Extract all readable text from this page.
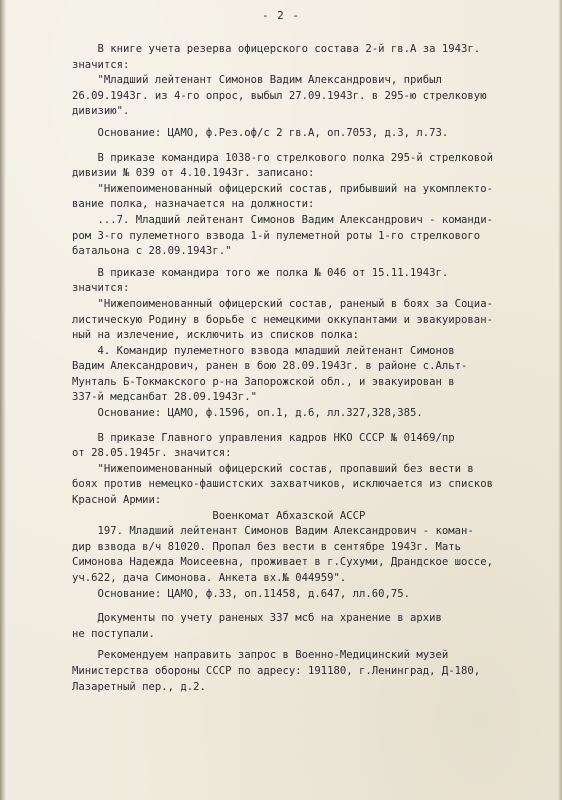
- 2 -
В книге учета резерва офицерского состава 2-й гв.А за 1943г.
значится:
"Младший лейтенант Симонов Вадим Александрович, прибыл
26.09.1943г. из 4-го опрос, выбыл 27.09.1943г. в 295-ю стрелковую
дивизию".
Основание: ЦАМО, ф.Рез.оф/с 2 гв.А, оп.7053, д.3, л.73.
В приказе командира 1038-го стрелкового полка 295-й стрелковой
дивизии № 039 от 4.10.1943г. записано:
"Нижепоименованный офицерский состав, прибывший на укомплекто-
вание полка, назначается на должности:
...7. Младший лейтенант Симонов Вадим Александрович - команди-
ром 3-го пулеметного взвода 1-й пулеметной роты 1-го стрелкового
батальона с 28.09.1943г."
В приказе командира того же полка № 046 от 15.11.1943г.
значится:
"Нижепоименованный офицерский состав, раненый в боях за Социа-
листическую Родину в борьбе с немецкими оккупантами и эвакуирован-
ный на излечение, исключить из списков полка:
4. Командир пулеметного взвода младший лейтенант Симонов
Вадим Александрович, ранен в бою 28.09.1943г. в районе с.Альт-
Мунталь Б-Токмакского р-на Запорожской обл., и эвакуирован в
337-й медсанбат 28.09.1943г."
Основание: ЦАМО, ф.1596, оп.1, д.6, лл.327,328,385.
В приказе Главного управления кадров НКО СССР № 01469/пр
от 28.05.1945г. значится:
"Нижепоименованный офицерский состав, пропавший без вести в
боях против немецко-фашистских захватчиков, исключается из списков
Красной Армии:
Военкомат Абхазской АССР
197. Младший лейтенант Симонов Вадим Александрович - коман-
дир взвода в/ч 81020. Пропал без вести в сентябре 1943г. Мать
Симонова Надежда Моисеевна, проживает в г.Сухуми, Драндское шоссе,
уч.622, дача Симонова. Анкета вх.№ 044959".
Основание: ЦАМО, ф.33, оп.11458, д.647, лл.60,75.
Документы по учету раненых 337 мсб на хранение в архив
не поступали.
Рекомендуем направить запрос в Военно-Медицинский музей
Министерства обороны СССР по адресу: 191180, г.Ленинград, Д-180,
Лазаретный пер., д.2.
